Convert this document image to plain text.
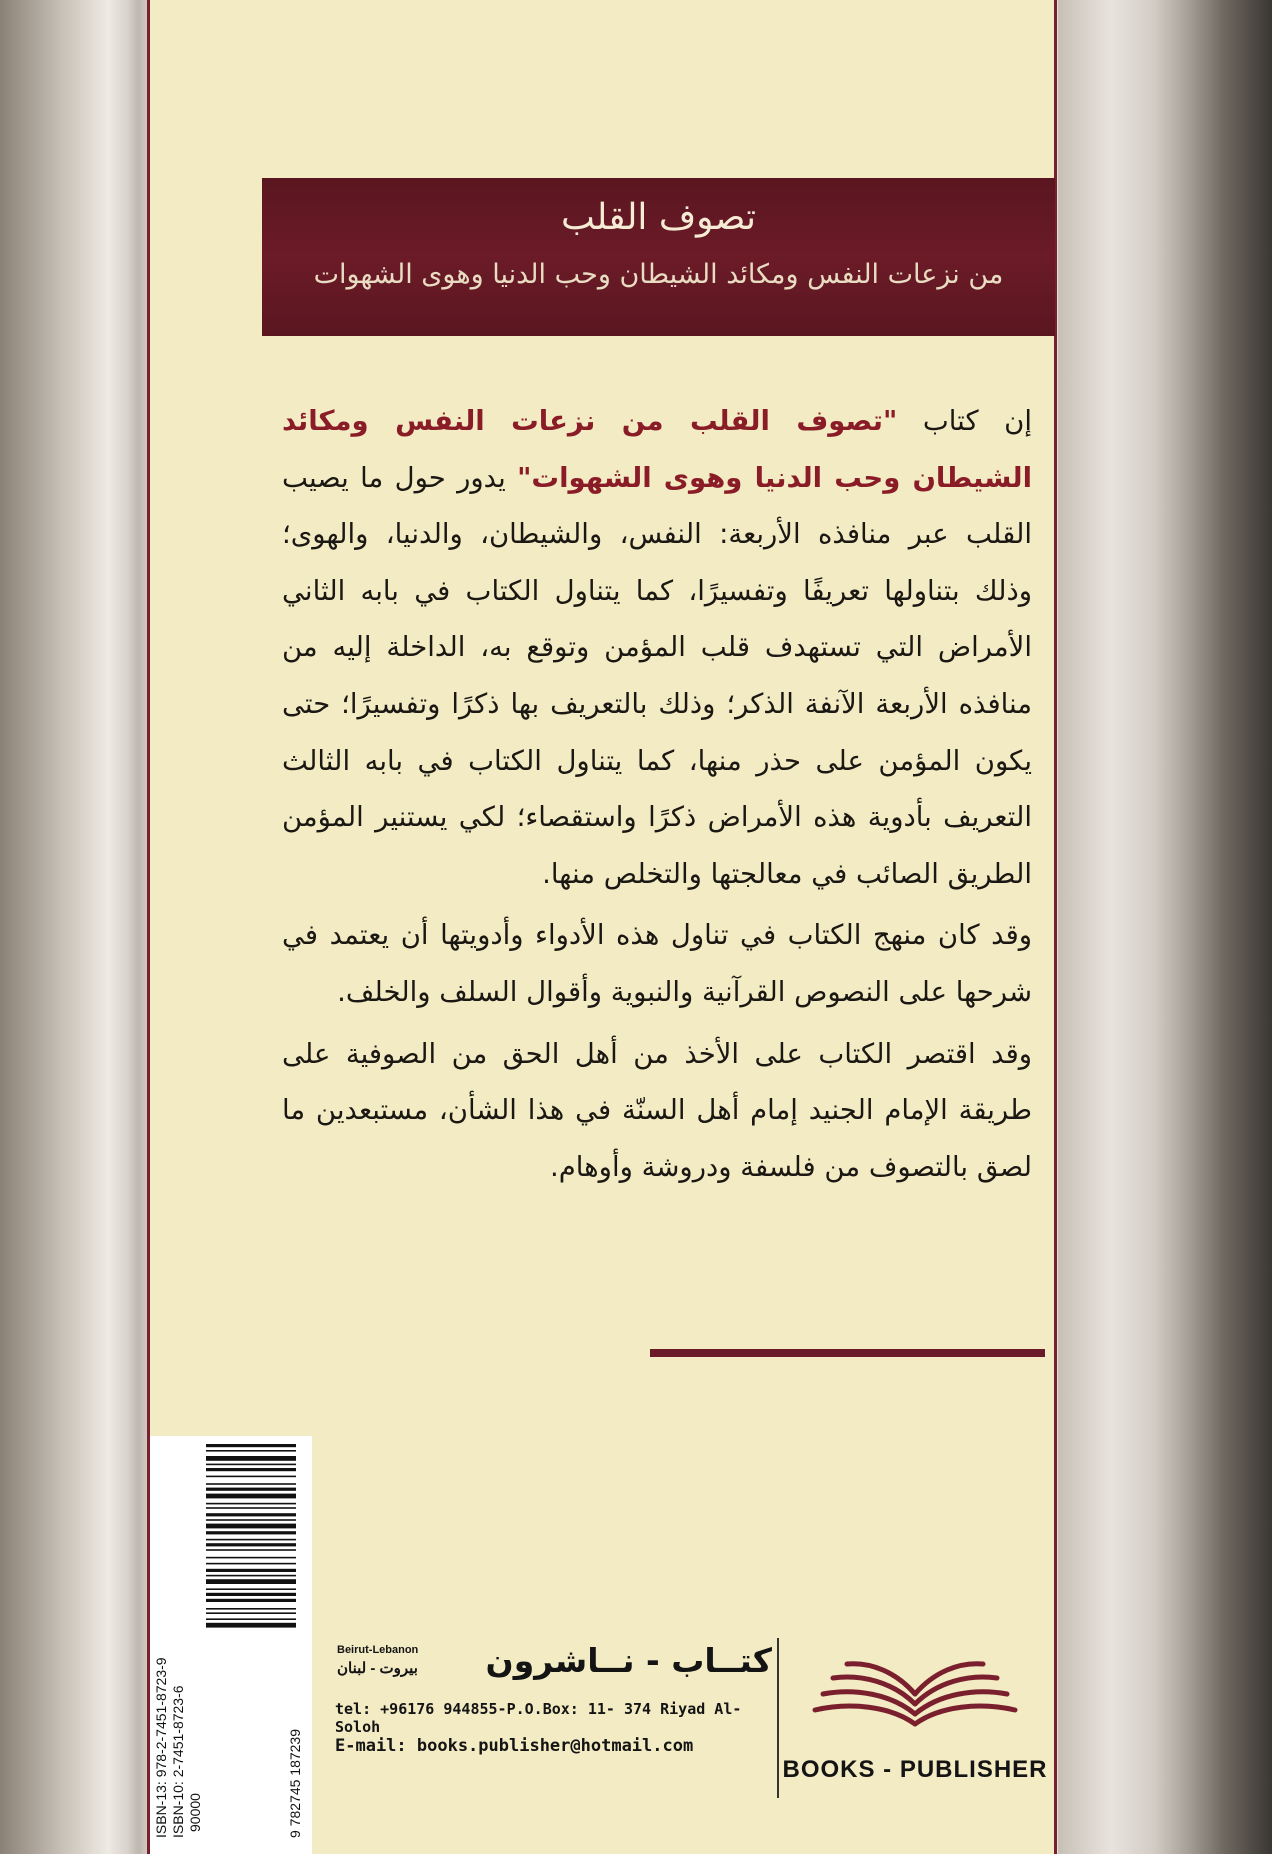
تصوف القلب
من نزعات النفس ومكائد الشيطان وحب الدنيا وهوى الشهوات

إن كتاب "تصوف القلب من نزعات النفس ومكائد الشيطان وحب الدنيا وهوى الشهوات" يدور حول ما يصيب القلب عبر منافذه الأربعة: النفس، والشيطان، والدنيا، والهوى؛ وذلك بتناولها تعريفًا وتفسيرًا، كما يتناول الكتاب في بابه الثاني الأمراض التي تستهدف قلب المؤمن وتوقع به، الداخلة إليه من منافذه الأربعة الآنفة الذكر؛ وذلك بالتعريف بها ذكرًا وتفسيرًا؛ حتى يكون المؤمن على حذر منها، كما يتناول الكتاب في بابه الثالث التعريف بأدوية هذه الأمراض ذكرًا واستقصاء؛ لكي يستنير المؤمن الطريق الصائب في معالجتها والتخلص منها.

وقد كان منهج الكتاب في تناول هذه الأدواء وأدويتها أن يعتمد في شرحها على النصوص القرآنية والنبوية وأقوال السلف والخلف.

وقد اقتصر الكتاب على الأخذ من أهل الحق من الصوفية على طريقة الإمام الجنيد إمام أهل السنّة في هذا الشأن، مستبعدين ما لصق بالتصوف من فلسفة ودروشة وأوهام.

ISBN-13: 978-2-7451-8723-9 ISBN-10: 2-7451-8723-6 90000	9 782745 187239
Beirut-Lebanon
بيروت - لبنان	كتــاب - نــاشرون
tel: +96176 944855-P.O.Box: 11- 374 Riyad Al-Soloh
E-mail: books.publisher@hotmail.com
BOOKS - PUBLISHER
